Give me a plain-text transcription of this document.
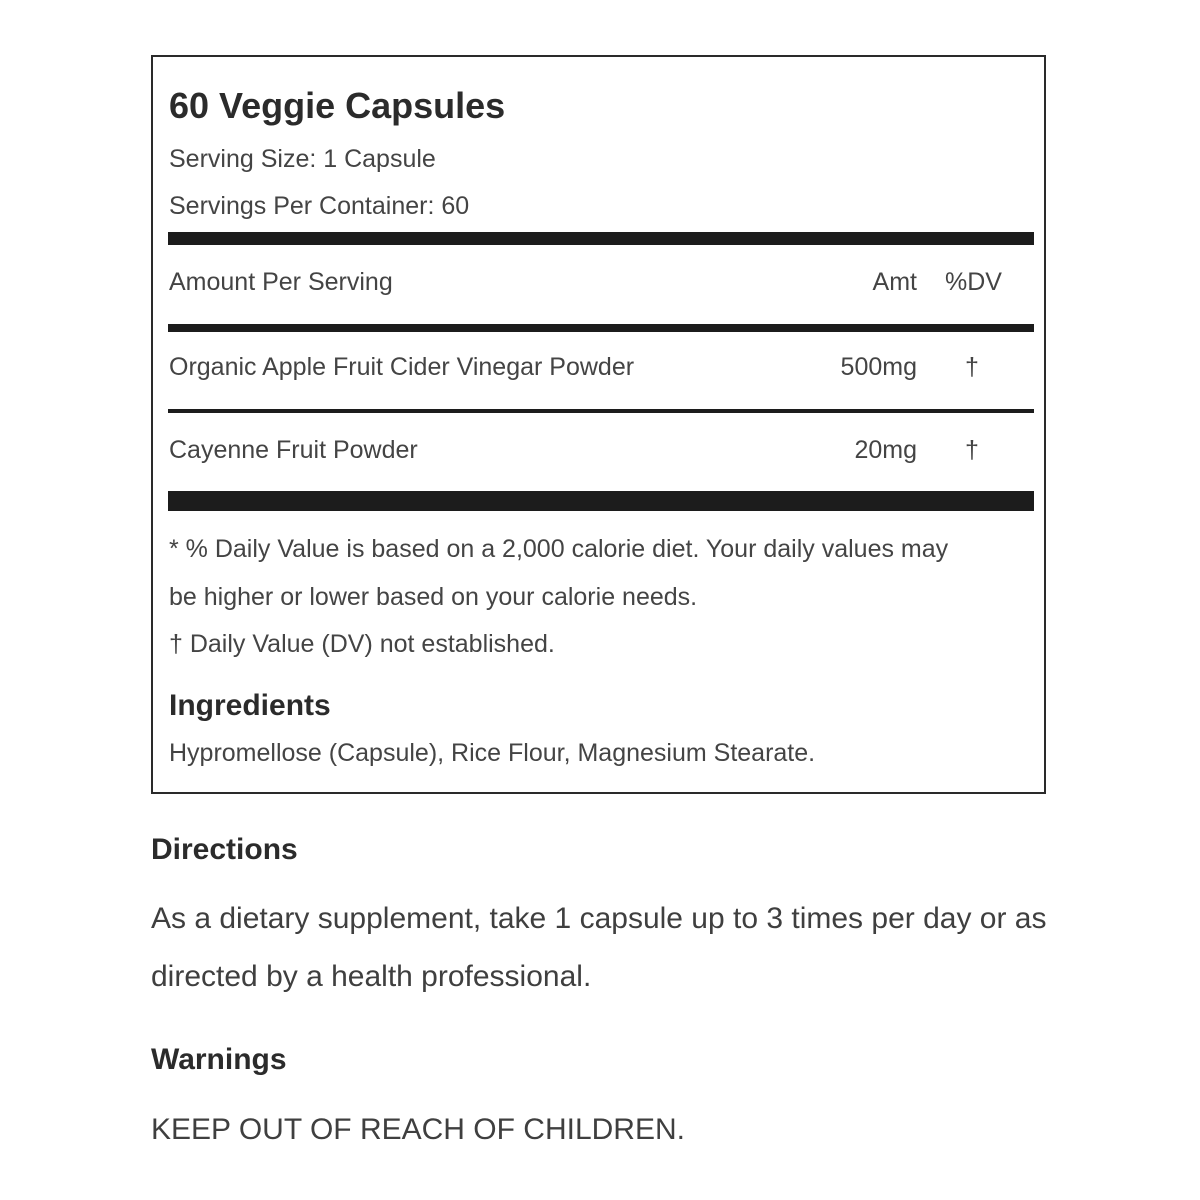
60 Veggie Capsules
Serving Size: 1 Capsule
Servings Per Container: 60
Amount Per Serving	Amt %DV
Organic Apple Fruit Cider Vinegar Powder	500mg †
Cayenne Fruit Powder	20mg †
* % Daily Value is based on a 2,000 calorie diet. Your daily values may
be higher or lower based on your calorie needs.
† Daily Value (DV) not established.
Ingredients
Hypromellose (Capsule), Rice Flour, Magnesium Stearate.
Directions
As a dietary supplement, take 1 capsule up to 3 times per day or as directed by a health professional.
Warnings
KEEP OUT OF REACH OF CHILDREN.
